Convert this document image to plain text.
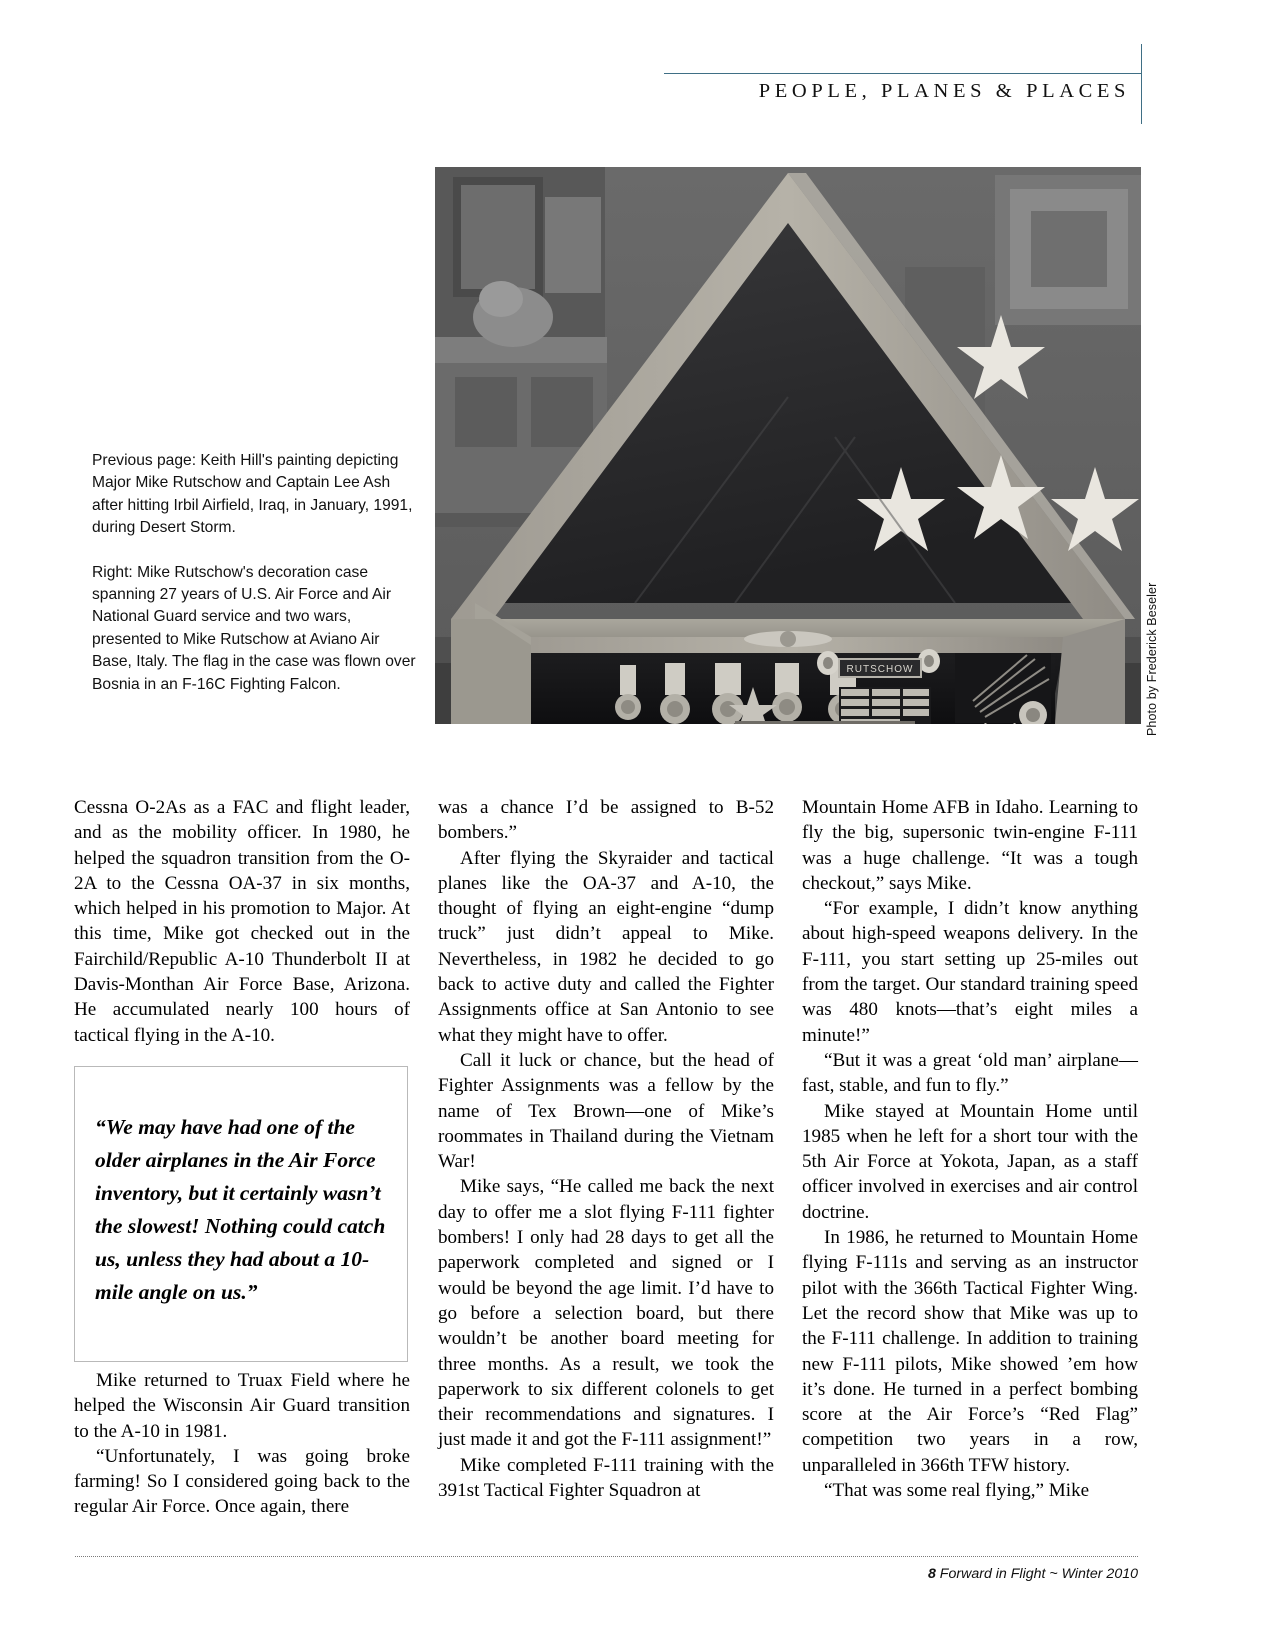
PEOPLE, PLANES & PLACES
RUTSCHOW	Photo by Frederick Beseler

Previous page: Keith Hill's painting depicting Major Mike Rutschow and Captain Lee Ash after hitting Irbil Airfield, Iraq, in January, 1991, during Desert Storm.

Right: Mike Rutschow's decoration case spanning 27 years of U.S. Air Force and Air National Guard service and two wars, presented to Mike Rutschow at Aviano Air Base, Italy. The flag in the case was flown over Bosnia in an F-16C Fighting Falcon.

Cessna O-2As as a FAC and flight leader, and as the mobility officer. In 1980, he helped the squadron transition from the O-2A to the Cessna OA-37 in six months, which helped in his promotion to Major. At this time, Mike got checked out in the Fairchild/Republic A-10 Thunderbolt II at Davis-Monthan Air Force Base, Arizona. He accumulated nearly 100 hours of tactical flying in the A-10.

“We may have had one of the older airplanes in the Air Force inventory, but it certainly wasn’t the slowest! Nothing could catch us, unless they had about a 10-mile angle on us.”

Mike returned to Truax Field where he helped the Wisconsin Air Guard transition to the A-10 in 1981.

“Unfortunately, I was going broke farming! So I considered going back to the regular Air Force. Once again, there

was a chance I’d be assigned to B-52 bombers.”

After flying the Skyraider and tactical planes like the OA-37 and A-10, the thought of flying an eight-engine “dump truck” just didn’t appeal to Mike. Nevertheless, in 1982 he decided to go back to active duty and called the Fighter Assignments office at San Antonio to see what they might have to offer.

Call it luck or chance, but the head of Fighter Assignments was a fellow by the name of Tex Brown—one of Mike’s roommates in Thailand during the Vietnam War!

Mike says, “He called me back the next day to offer me a slot flying F-111 fighter bombers! I only had 28 days to get all the paperwork completed and signed or I would be beyond the age limit. I’d have to go before a selection board, but there wouldn’t be another board meeting for three months. As a result, we took the paperwork to six different colonels to get their recommendations and signatures. I just made it and got the F-111 assignment!”

Mike completed F-111 training with the 391st Tactical Fighter Squadron at

Mountain Home AFB in Idaho. Learning to fly the big, supersonic twin-engine F-111 was a huge challenge. “It was a tough checkout,” says Mike.

“For example, I didn’t know anything about high-speed weapons delivery. In the F-111, you start setting up 25-miles out from the target. Our standard training speed was 480 knots—that’s eight miles a minute!”

“But it was a great ‘old man’ airplane—fast, stable, and fun to fly.”

Mike stayed at Mountain Home until 1985 when he left for a short tour with the 5th Air Force at Yokota, Japan, as a staff officer involved in exercises and air control doctrine.

In 1986, he returned to Mountain Home flying F-111s and serving as an instructor pilot with the 366th Tactical Fighter Wing. Let the record show that Mike was up to the F-111 challenge. In addition to training new F-111 pilots, Mike showed ’em how it’s done. He turned in a perfect bombing score at the Air Force’s “Red Flag” competition two years in a row, unparalleled in 366th TFW history.

“That was some real flying,” Mike

8 Forward in Flight ~ Winter 2010
